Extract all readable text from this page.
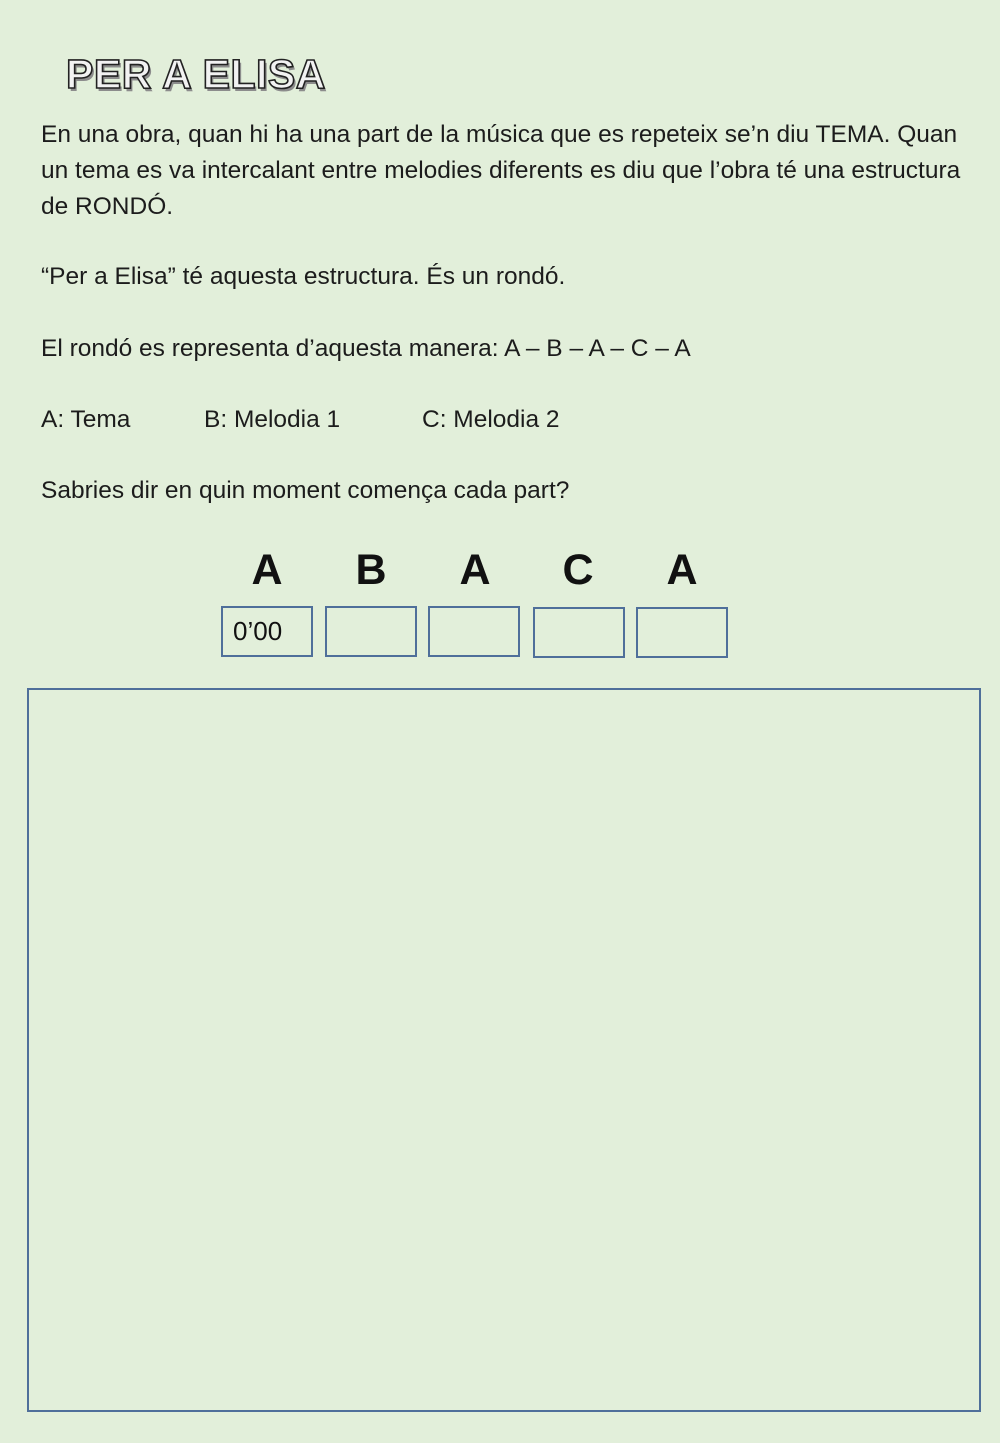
PER A ELISA

En una obra, quan hi ha una part de la música que es repeteix se’n diu TEMA. Quan un tema es va intercalant entre melodies diferents es diu que l’obra té una estructura de RONDÓ.

“Per a Elisa” té aquesta estructura. És un rondó.

El rondó es representa d’aquesta manera: A – B – A – C – A

A: Tema	B: Melodia 1	C: Melodia 2

Sabries dir en quin moment comença cada part?

A	B	A	C	A
0’00
